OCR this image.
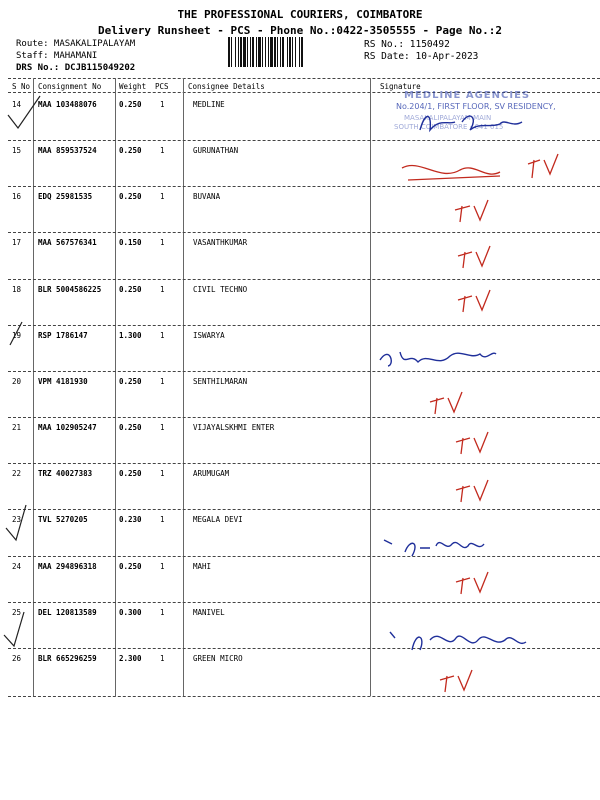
THE PROFESSIONAL COURIERS, COIMBATORE
Delivery Runsheet - PCS - Phone No.:0422-3505555 - Page No.:2
Route: MASAKALIPALAYAM
Staff: MAHAMANI
DRS No.: DCJB115049202
RS No.: 1150492
RS Date: 10-Apr-2023
S No Consignment No Weight PCS	Consignee Details	Signature
14 MAA 103488076	0.250 1	MEDLINE
15 MAA 859537524	0.250 1	GURUNATHAN
16 EDQ 25981535	0.250 1	BUVANA
17 MAA 567576341	0.150 1	VASANTHKUMAR
18 BLR 5004586225 0.250 1	CIVIL TECHNO
19 RSP 1786147	1.300 1	ISWARYA
20 VPM 4181930	0.250 1	SENTHILMARAN
21 MAA 102905247	0.250 1	VIJAYALSKHMI ENTER
22 TRZ 40027383	0.250 1	ARUMUGAM
23 TVL 5270205	0.230 1	MEGALA DEVI
24 MAA 294896318	0.250 1	MAHI
25 DEL 120813589	0.300 1	MANIVEL
26 BLR 665296259	2.300 1	GREEN MICRO
MEDLINE AGENCIES
No.204/1, FIRST FLOOR, SV RESIDENCY,
MASAKALIPALAYAM MAIN
SOUTH COIMBATORE - 641 015
